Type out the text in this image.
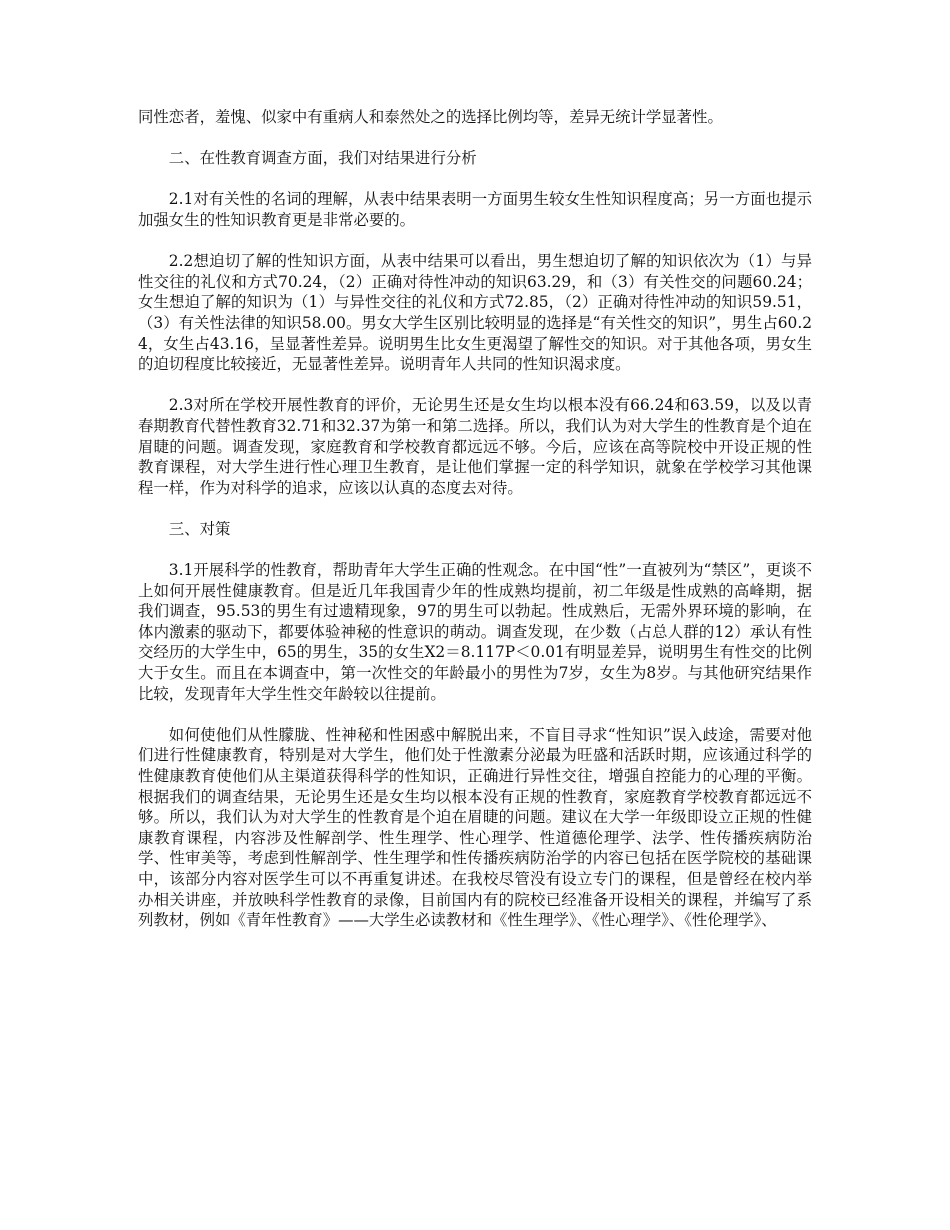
同性恋者，羞愧、似家中有重病人和泰然处之的选择比例均等，差异无统计学显著性。

二、在性教育调查方面，我们对结果进行分析

2.1对有关性的名词的理解，从表中结果表明一方面男生较女生性知识程度高；另一方面也提示加强女生的性知识教育更是非常必要的。

2.2想迫切了解的性知识方面，从表中结果可以看出，男生想迫切了解的知识依次为（1）与异性交往的礼仪和方式70.24，（2）正确对待性冲动的知识63.29，和（3）有关性交的问题60.24；女生想迫了解的知识为（1）与异性交往的礼仪和方式72.85，（2）正确对待性冲动的知识59.51，（3）有关性法律的知识58.00。男女大学生区别比较明显的选择是“有关性交的知识”，男生占60.24，女生占43.16，呈显著性差异。说明男生比女生更渴望了解性交的知识。对于其他各项，男女生的迫切程度比较接近，无显著性差异。说明青年人共同的性知识渴求度。

2.3对所在学校开展性教育的评价，无论男生还是女生均以根本没有66.24和63.59，以及以青春期教育代替性教育32.71和32.37为第一和第二选择。所以，我们认为对大学生的性教育是个迫在眉睫的问题。调查发现，家庭教育和学校教育都远远不够。今后，应该在高等院校中开设正规的性教育课程，对大学生进行性心理卫生教育，是让他们掌握一定的科学知识，就象在学校学习其他课程一样，作为对科学的追求，应该以认真的态度去对待。

三、对策

3.1开展科学的性教育，帮助青年大学生正确的性观念。在中国“性”一直被列为“禁区”，更谈不上如何开展性健康教育。但是近几年我国青少年的性成熟均提前，初二年级是性成熟的高峰期，据我们调查，95.53的男生有过遗精现象，97的男生可以勃起。性成熟后，无需外界环境的影响，在体内激素的驱动下，都要体验神秘的性意识的萌动。调查发现，在少数（占总人群的12）承认有性交经历的大学生中，65的男生，35的女生X2＝8.117P＜0.01有明显差异，说明男生有性交的比例大于女生。而且在本调查中，第一次性交的年龄最小的男性为7岁，女生为8岁。与其他研究结果作比较，发现青年大学生性交年龄较以往提前。

如何使他们从性朦胧、性神秘和性困惑中解脱出来，不盲目寻求“性知识”误入歧途，需要对他们进行性健康教育，特别是对大学生，他们处于性激素分泌最为旺盛和活跃时期，应该通过科学的性健康教育使他们从主渠道获得科学的性知识，正确进行异性交往，增强自控能力的心理的平衡。根据我们的调查结果，无论男生还是女生均以根本没有正规的性教育，家庭教育学校教育都远远不够。所以，我们认为对大学生的性教育是个迫在眉睫的问题。建议在大学一年级即设立正规的性健康教育课程，内容涉及性解剖学、性生理学、性心理学、性道德伦理学、法学、性传播疾病防治学、性审美等，考虑到性解剖学、性生理学和性传播疾病防治学的内容已包括在医学院校的基础课中，该部分内容对医学生可以不再重复讲述。在我校尽管没有设立专门的课程，但是曾经在校内举办相关讲座，并放映科学性教育的录像，目前国内有的院校已经准备开设相关的课程，并编写了系列教材，例如《青年性教育》——大学生必读教材和《性生理学》、《性心理学》、《性伦理学》、
